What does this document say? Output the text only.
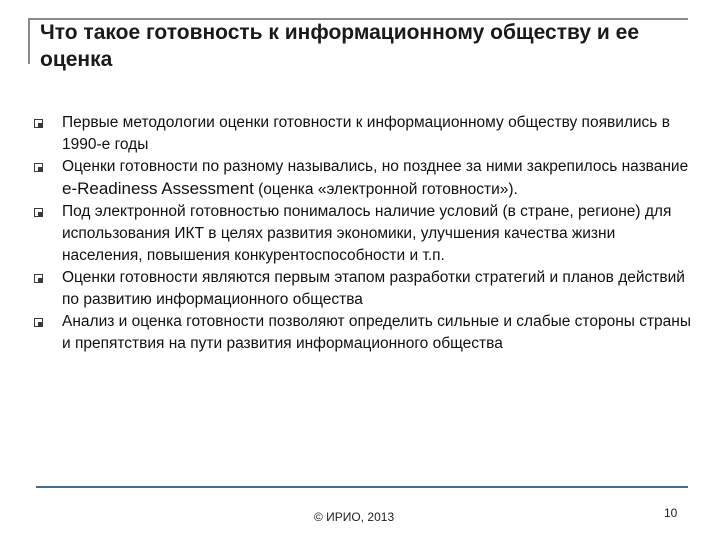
Что такое готовность к информационному обществу и ее оценка
Первые методологии оценки готовности к информационному обществу появились в 1990-е годы
Оценки готовности по разному назывались, но позднее за ними закрепилось название e-Readiness Assessment (оценка «электронной готовности»).
Под электронной готовностью понималось наличие условий (в стране, регионе) для использования ИКТ в целях развития экономики, улучшения качества жизни населения, повышения конкурентоспособности и т.п.
Оценки готовности являются первым этапом разработки стратегий и планов действий по развитию информационного общества
Анализ и оценка готовности позволяют определить сильные и слабые стороны страны и препятствия на пути развития информационного общества
© ИРИО, 2013	10
